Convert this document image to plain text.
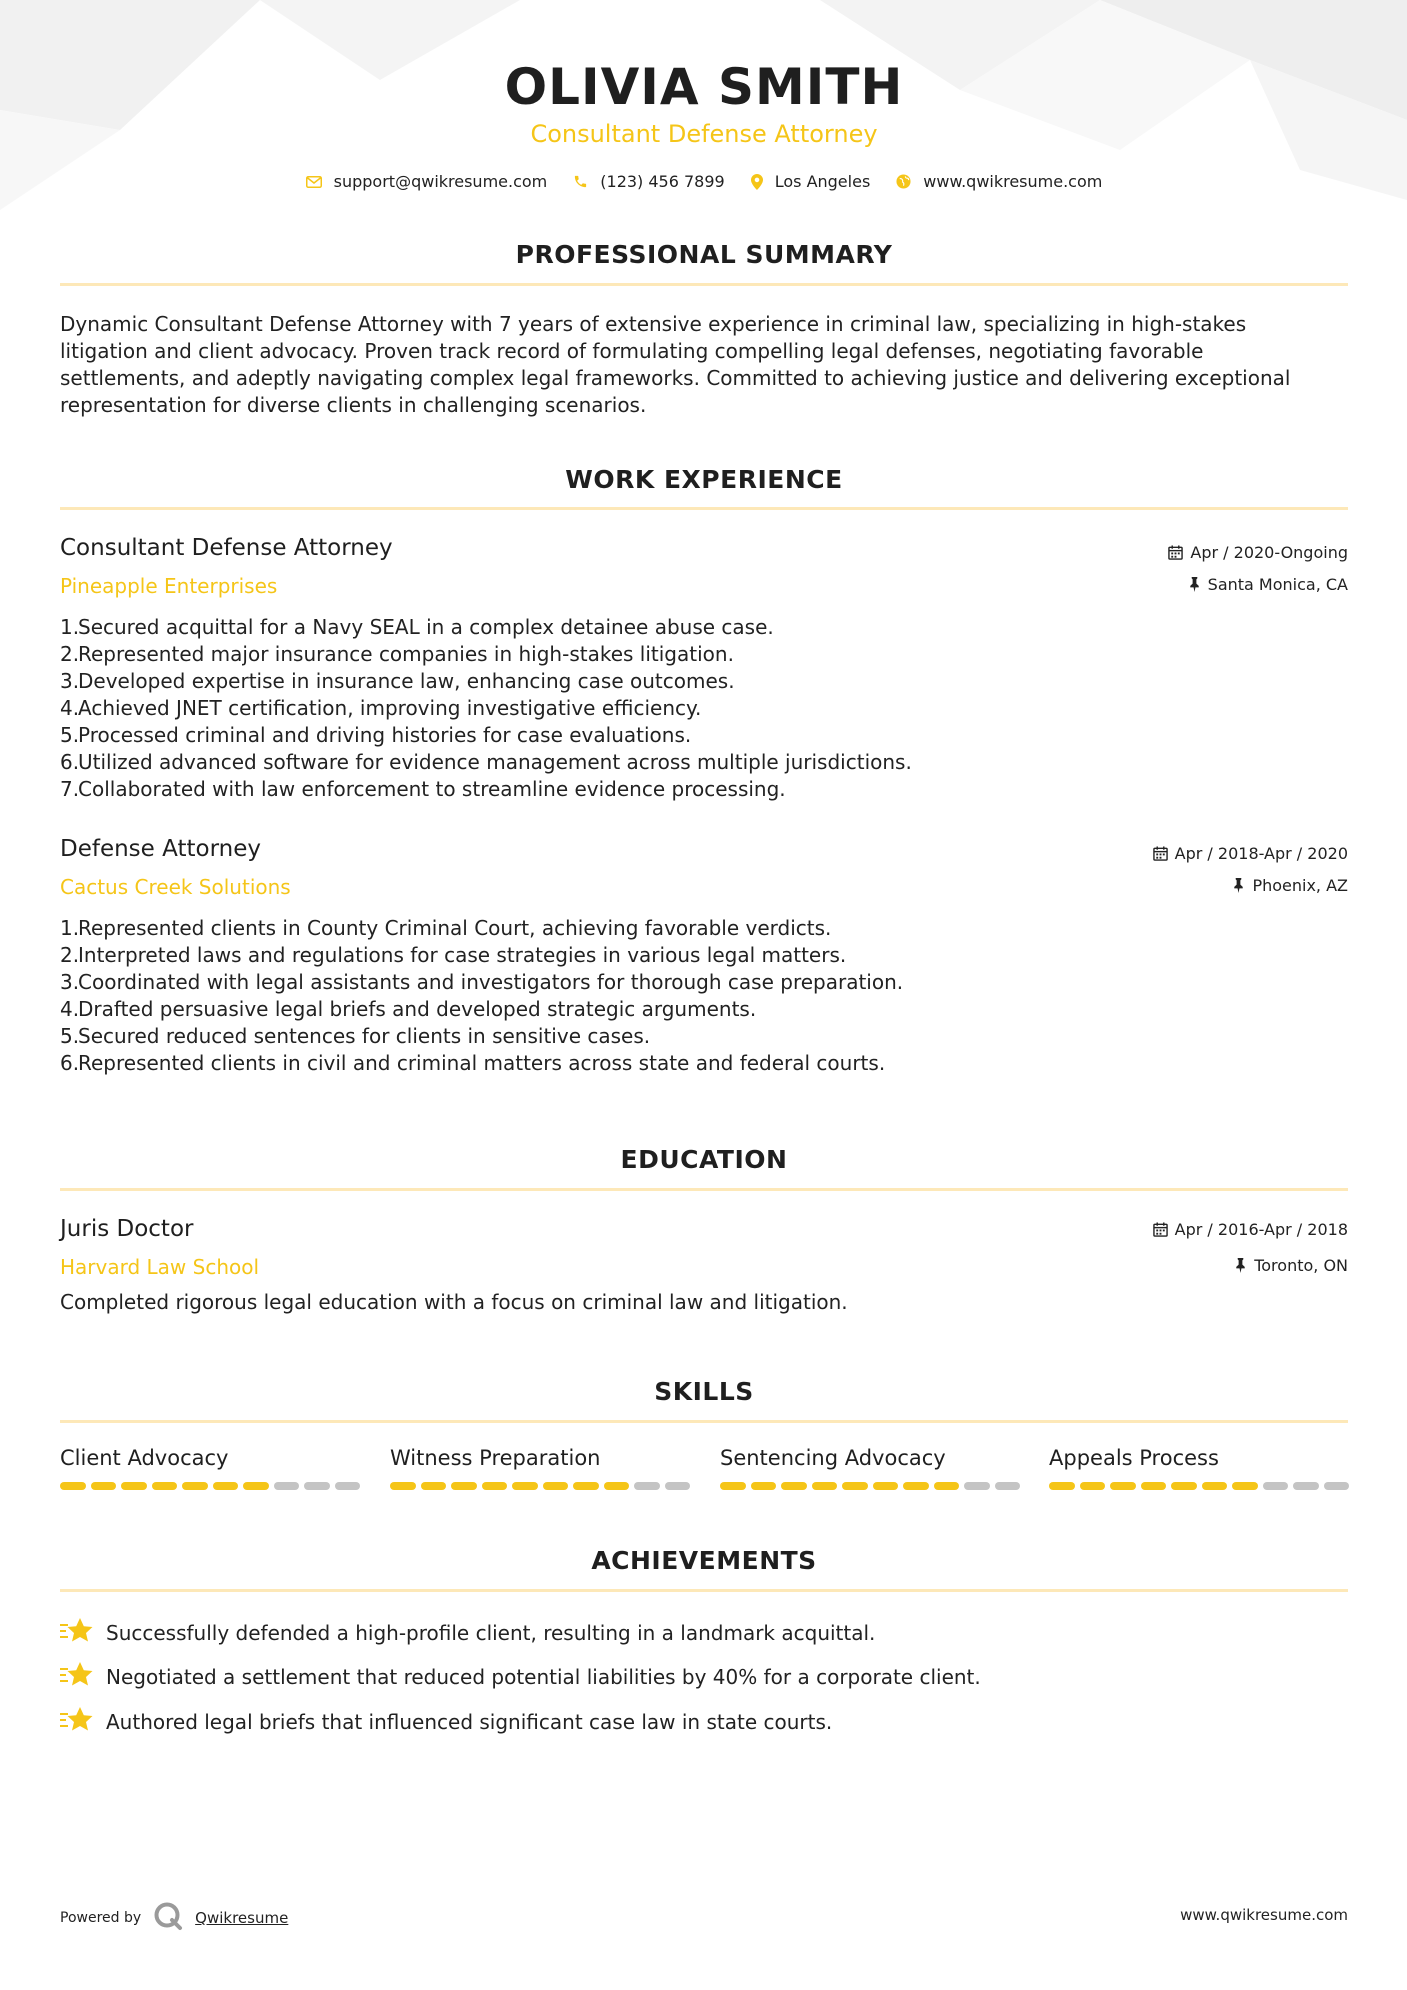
OLIVIA SMITH
Consultant Defense Attorney
support@qwikresume.com	(123) 456 7899	Los Angeles	www.qwikresume.com
PROFESSIONAL SUMMARY
Dynamic Consultant Defense Attorney with 7 years of extensive experience in criminal law, specializing in high-stakes
litigation and client advocacy. Proven track record of formulating compelling legal defenses, negotiating favorable
settlements, and adeptly navigating complex legal frameworks. Committed to achieving justice and delivering exceptional
representation for diverse clients in challenging scenarios.
WORK EXPERIENCE
Consultant Defense Attorney
Pineapple Enterprises
Apr / 2020-Ongoing
Santa Monica, CA
1.
Secured acquittal for a Navy SEAL in a complex detainee abuse case.
2.
Represented major insurance companies in high-stakes litigation.
3.
Developed expertise in insurance law, enhancing case outcomes.
4.
Achieved JNET certification, improving investigative efficiency.
5.
Processed criminal and driving histories for case evaluations.
6.
Utilized advanced software for evidence management across multiple jurisdictions.
7.
Collaborated with law enforcement to streamline evidence processing.
Defense Attorney
Cactus Creek Solutions
Apr / 2018-Apr / 2020
Phoenix, AZ
1.
Represented clients in County Criminal Court, achieving favorable verdicts.
2.
Interpreted laws and regulations for case strategies in various legal matters.
3.
Coordinated with legal assistants and investigators for thorough case preparation.
4.
Drafted persuasive legal briefs and developed strategic arguments.
5.
Secured reduced sentences for clients in sensitive cases.
6.
Represented clients in civil and criminal matters across state and federal courts.
EDUCATION
Juris Doctor
Harvard Law School
Apr / 2016-Apr / 2018
Toronto, ON
Completed rigorous legal education with a focus on criminal law and litigation.
SKILLS
Client Advocacy	Witness Preparation	Sentencing Advocacy	Appeals Process
ACHIEVEMENTS
Successfully defended a high-profile client, resulting in a landmark acquittal.
Negotiated a settlement that reduced potential liabilities by 40% for a corporate client.
Authored legal briefs that influenced significant case law in state courts.
Powered by	Qwikresume	www.qwikresume.com
